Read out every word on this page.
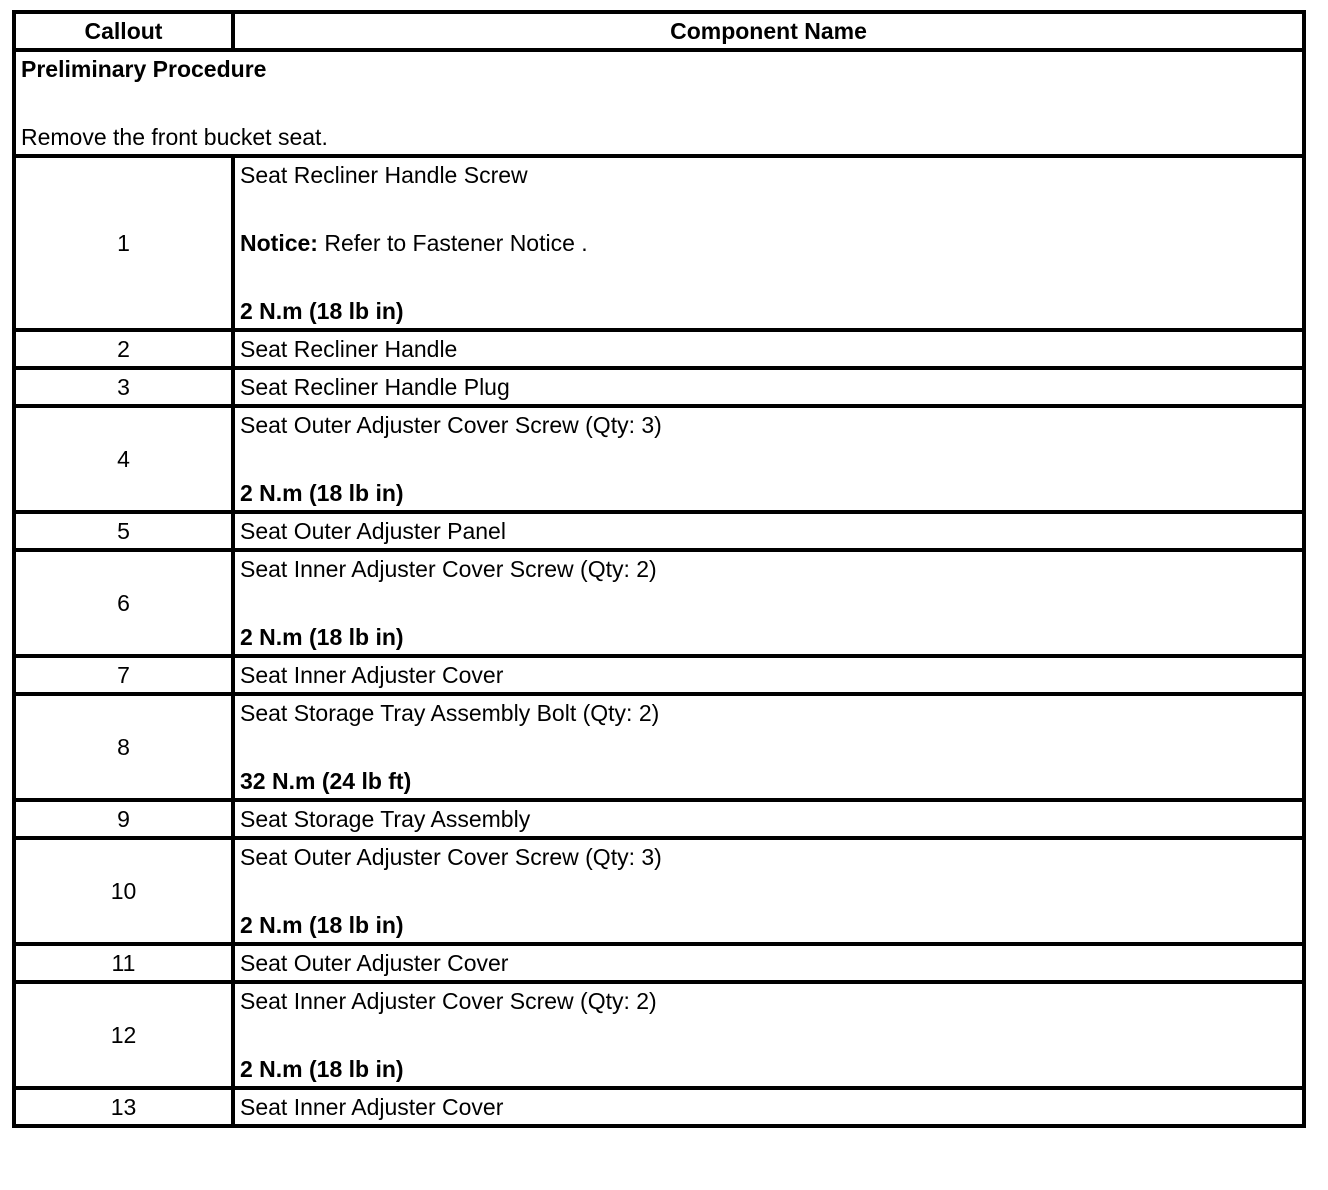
Callout	Component Name

Preliminary Procedure
Remove the front bucket seat.	

1	Seat Recliner Handle Screw
Notice: Refer to Fastener Notice .
2 N.m (18 lb in)

2	Seat Recliner Handle
3	Seat Recliner Handle Plug
4	Seat Outer Adjuster Cover Screw (Qty: 3)
2 N.m (18 lb in)

5	Seat Outer Adjuster Panel
6	Seat Inner Adjuster Cover Screw (Qty: 2)
2 N.m (18 lb in)

7	Seat Inner Adjuster Cover
8	Seat Storage Tray Assembly Bolt (Qty: 2)
32 N.m (24 lb ft)

9	Seat Storage Tray Assembly
10	Seat Outer Adjuster Cover Screw (Qty: 3)
2 N.m (18 lb in)

11	Seat Outer Adjuster Cover
12	Seat Inner Adjuster Cover Screw (Qty: 2)
2 N.m (18 lb in)

13	Seat Inner Adjuster Cover
